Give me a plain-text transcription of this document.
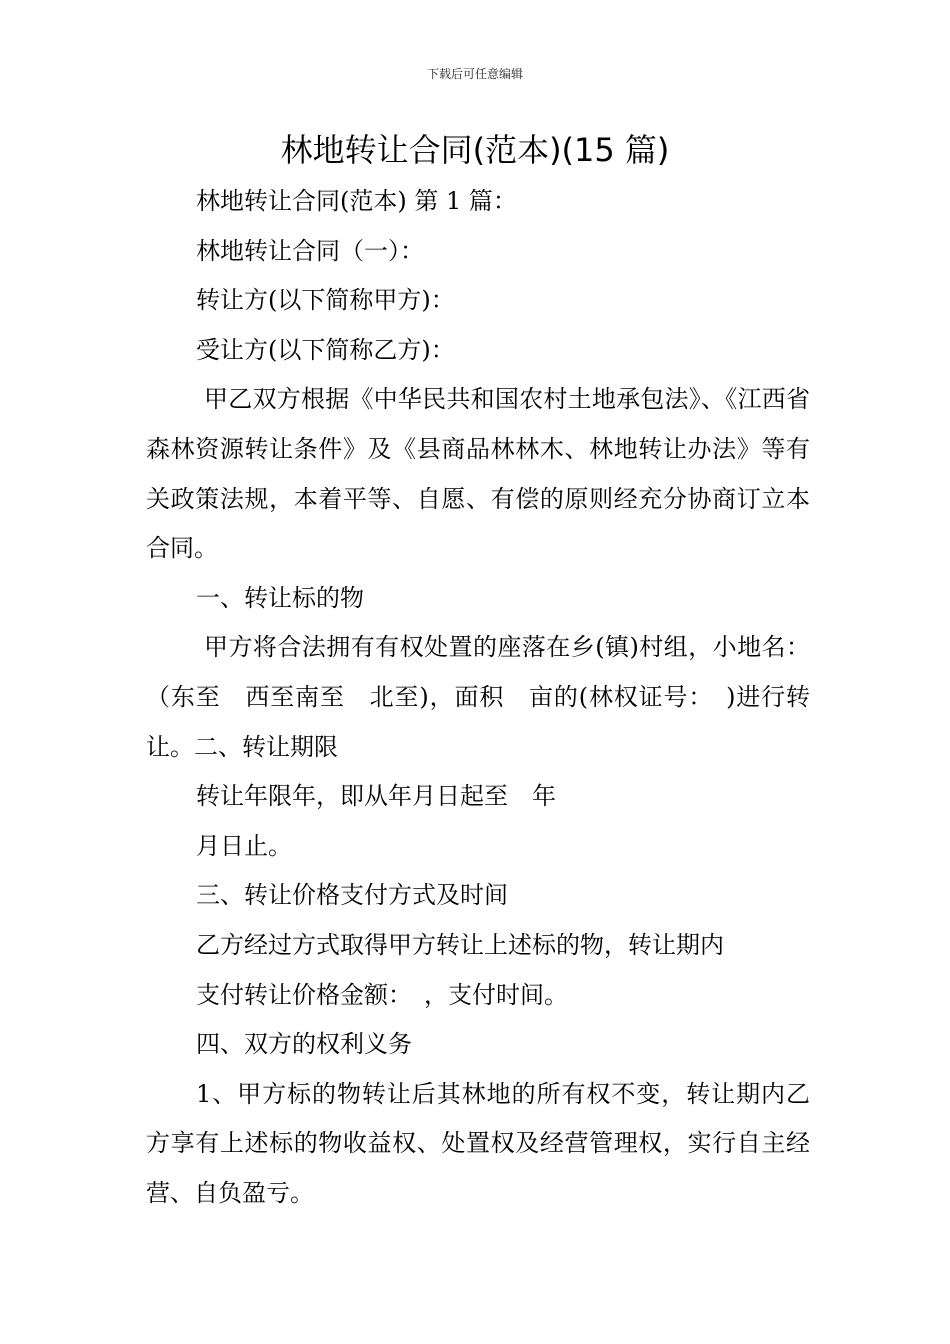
下载后可任意编辑
林地转让合同(范本)(15 篇)

林地转让合同(范本) 第 1 篇：

林地转让合同（一）：

转让方(以下简称甲方)：

受让方(以下简称乙方)：

甲乙双方根据《中华民共和国农村土地承包法》、《江西省森林资源转让条件》及《县商品林林木、林地转让办法》等有关政策法规，本着平等、自愿、有偿的原则经充分协商订立本合同。

一、转让标的物

甲方将合法拥有有权处置的座落在乡(镇)村组，小地名：（东至　西至南至　北至)，面积　亩的(林权证号：　)进行转让。二、转让期限

转让年限年，即从年月日起至　年

月日止。

三、转让价格支付方式及时间

乙方经过方式取得甲方转让上述标的物，转让期内

支付转让价格金额：　，支付时间。

四、双方的权利义务

1、甲方标的物转让后其林地的所有权不变，转让期内乙方享有上述标的物收益权、处置权及经营管理权，实行自主经营、自负盈亏。
